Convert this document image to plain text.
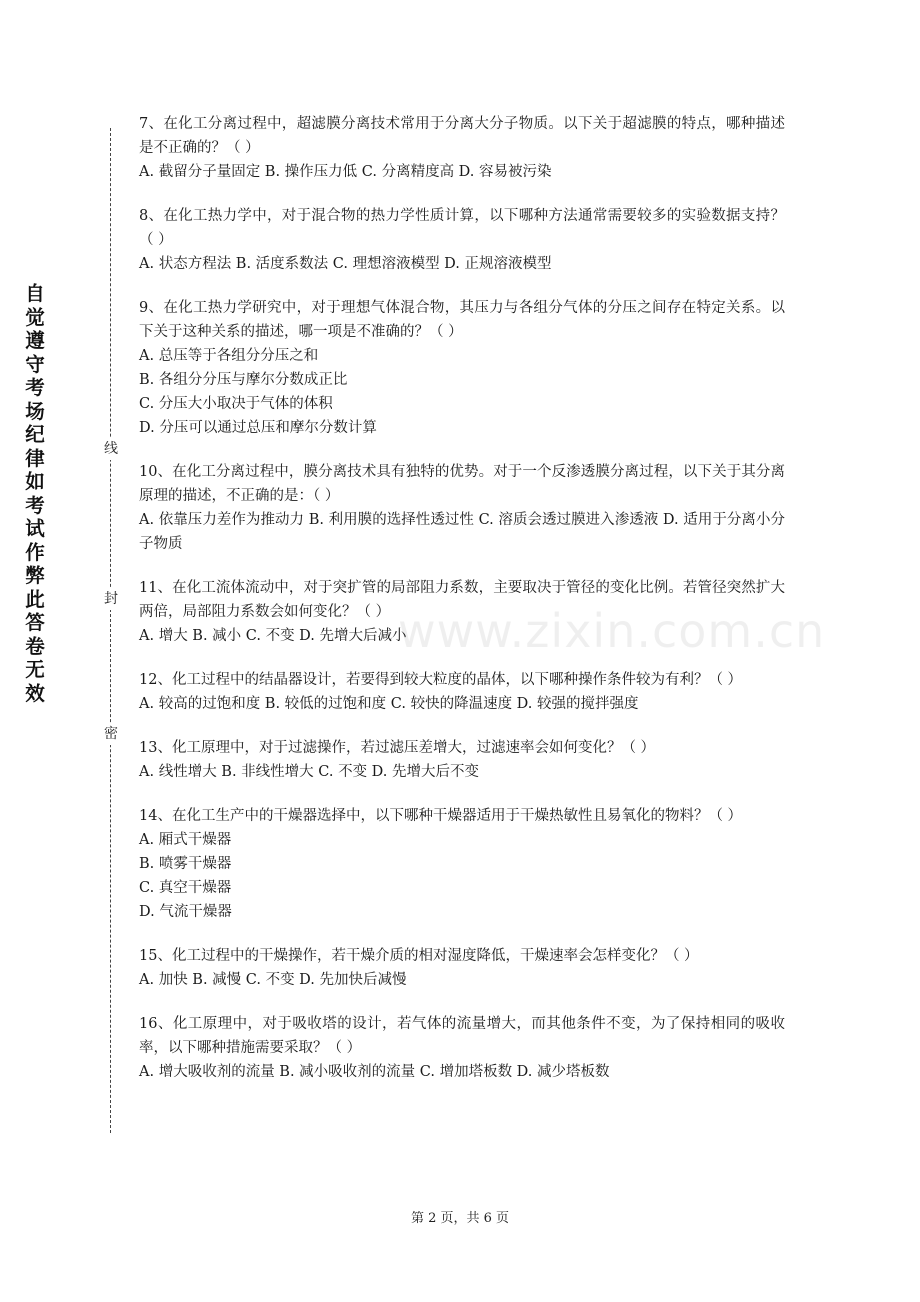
自觉遵守考场纪律如考试作弊此答卷无效
线
封
密
www.zixin.com.cn
7、在化工分离过程中，超滤膜分离技术常用于分离大分子物质。以下关于超滤膜的特点，哪种描述是不正确的？（ ）
A. 截留分子量固定 B. 操作压力低 C. 分离精度高 D. 容易被污染
8、在化工热力学中，对于混合物的热力学性质计算，以下哪种方法通常需要较多的实验数据支持？（ ）
A. 状态方程法 B. 活度系数法 C. 理想溶液模型 D. 正规溶液模型
9、在化工热力学研究中，对于理想气体混合物，其压力与各组分气体的分压之间存在特定关系。以下关于这种关系的描述，哪一项是不准确的？（ ）
A. 总压等于各组分分压之和
B. 各组分分压与摩尔分数成正比
C. 分压大小取决于气体的体积
D. 分压可以通过总压和摩尔分数计算
10、在化工分离过程中，膜分离技术具有独特的优势。对于一个反渗透膜分离过程，以下关于其分离原理的描述，不正确的是：（ ）
A. 依靠压力差作为推动力 B. 利用膜的选择性透过性 C. 溶质会透过膜进入渗透液 D. 适用于分离小分子物质
11、在化工流体流动中，对于突扩管的局部阻力系数，主要取决于管径的变化比例。若管径突然扩大两倍，局部阻力系数会如何变化？（ ）
A. 增大 B. 减小 C. 不变 D. 先增大后减小
12、化工过程中的结晶器设计，若要得到较大粒度的晶体，以下哪种操作条件较为有利？（ ）
A. 较高的过饱和度 B. 较低的过饱和度 C. 较快的降温速度 D. 较强的搅拌强度
13、化工原理中，对于过滤操作，若过滤压差增大，过滤速率会如何变化？（ ）
A. 线性增大 B. 非线性增大 C. 不变 D. 先增大后不变
14、在化工生产中的干燥器选择中，以下哪种干燥器适用于干燥热敏性且易氧化的物料？（ ）
A. 厢式干燥器
B. 喷雾干燥器
C. 真空干燥器
D. 气流干燥器
15、化工过程中的干燥操作，若干燥介质的相对湿度降低，干燥速率会怎样变化？（ ）
A. 加快 B. 减慢 C. 不变 D. 先加快后减慢
16、化工原理中，对于吸收塔的设计，若气体的流量增大，而其他条件不变，为了保持相同的吸收率，以下哪种措施需要采取？（ ）
A. 增大吸收剂的流量 B. 减小吸收剂的流量 C. 增加塔板数 D. 减少塔板数
第 2 页，共 6 页
